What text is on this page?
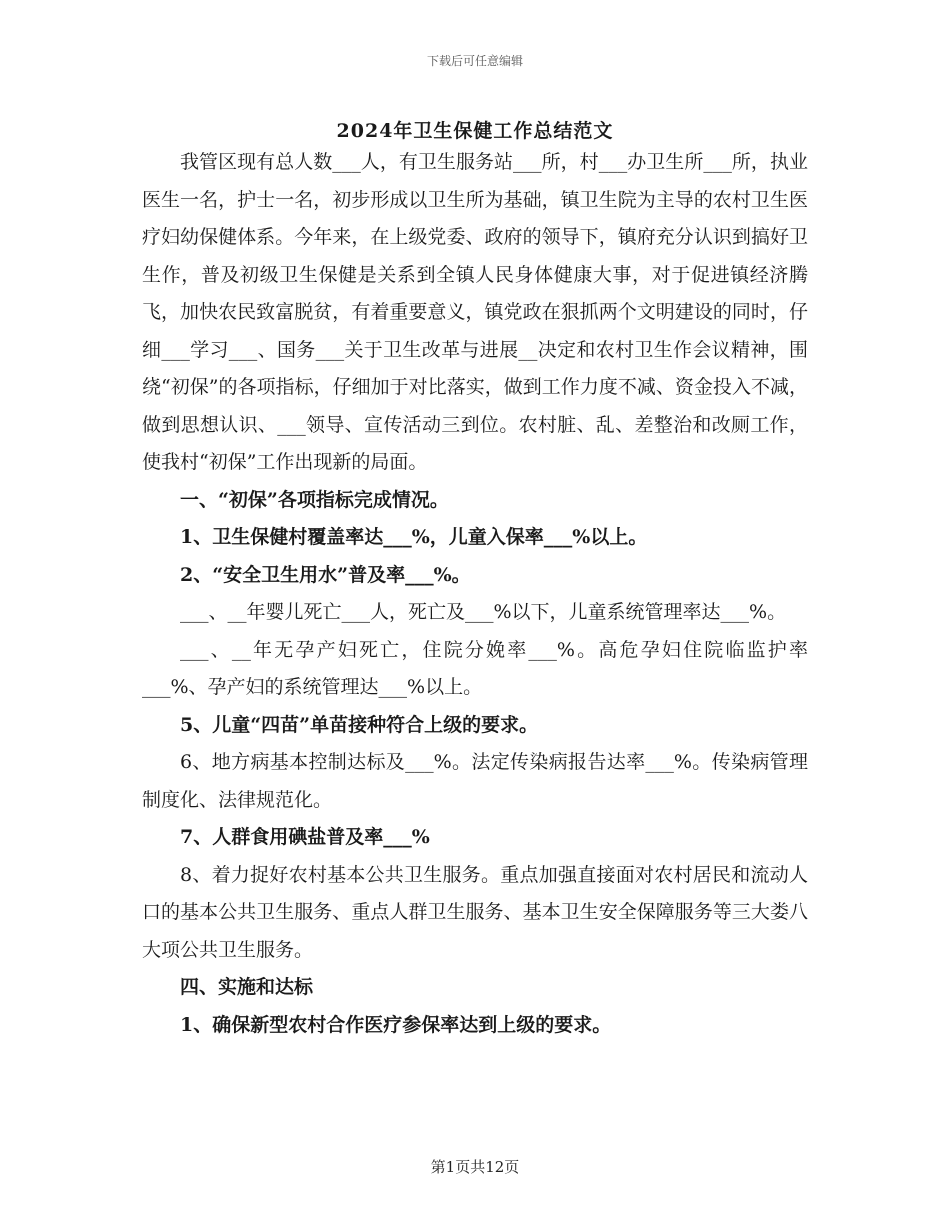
下载后可任意编辑
2024年卫生保健工作总结范文

我管区现有总人数___人，有卫生服务站___所，村___办卫生所___所，执业医生一名，护士一名，初步形成以卫生所为基础，镇卫生院为主导的农村卫生医疗妇幼保健体系。今年来，在上级党委、政府的领导下，镇府充分认识到搞好卫生作，普及初级卫生保健是关系到全镇人民身体健康大事，对于促进镇经济腾飞，加快农民致富脱贫，有着重要意义，镇党政在狠抓两个文明建设的同时，仔细___学习___、国务___关于卫生改革与进展__决定和农村卫生作会议精神，围绕“初保”的各项指标，仔细加于对比落实，做到工作力度不减、资金投入不减，做到思想认识、___领导、宣传活动三到位。农村脏、乱、差整治和改厕工作，使我村“初保”工作出现新的局面。

一、“初保”各项指标完成情况。

1、卫生保健村覆盖率达___%，儿童入保率___%以上。

2、“安全卫生用水”普及率___%。

___、__年婴儿死亡___人，死亡及___%以下，儿童系统管理率达___%。

___、__年无孕产妇死亡，住院分娩率___%。高危孕妇住院临监护率___%、孕产妇的系统管理达___%以上。

5、儿童“四苗”单苗接种符合上级的要求。

6、地方病基本控制达标及___%。法定传染病报告达率___%。传染病管理制度化、法律规范化。

7、人群食用碘盐普及率___%

8、着力捉好农村基本公共卫生服务。重点加强直接面对农村居民和流动人口的基本公共卫生服务、重点人群卫生服务、基本卫生安全保障服务等三大娄八大项公共卫生服务。

四、实施和达标

1、确保新型农村合作医疗参保率达到上级的要求。

第1页共12页
